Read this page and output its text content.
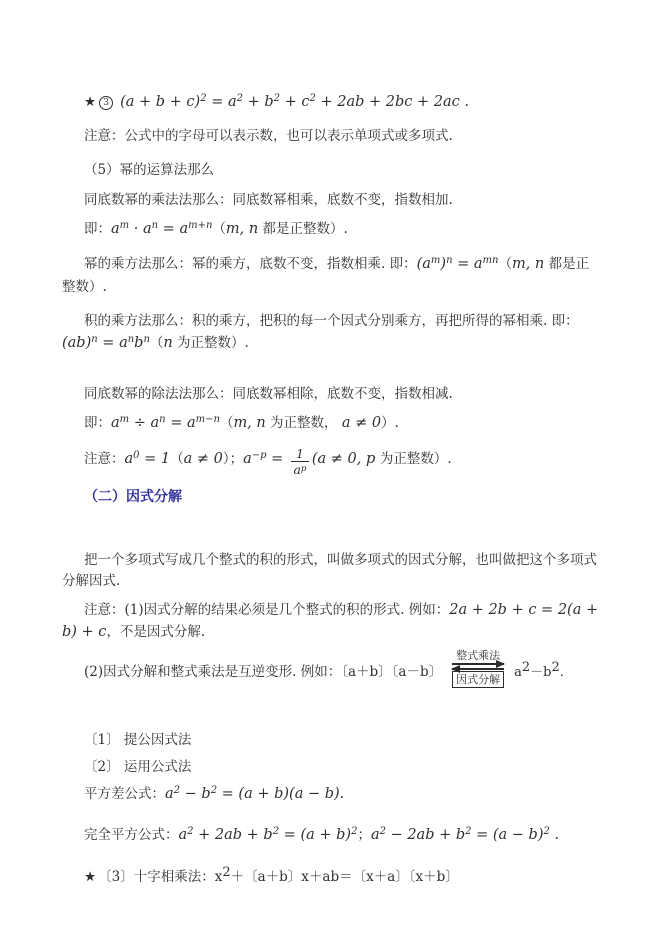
★ 3 $(a + b + c)^2 = a^2 + b^2 + c^2 + 2ab + 2bc + 2ac$ .
注意：公式中的字母可以表示数，也可以表示单项式或多项式.
（5）幂的运算法那么
同底数幂的乘法法那么：同底数幂相乘，底数不变，指数相加.
即：$a^m \cdot a^n = a^{m+n}(m$, n 都是正整数）.
幂的乘方法那么：幂的乘方，底数不变，指数相乘. 即：$(a^m)^n = a^{mn}(m$, n 都是正整数）.
积的乘方法那么：积的乘方，把积的每一个因式分别乘方，再把所得的幂相乘. 即：$(ab)^n = a^nb^n(n$ 为正整数）.
同底数幂的除法法那么：同底数幂相除，底数不变，指数相减.
即：$a^m \div a^n = a^{m-n}(m$, n 为正整数， a ≠ 0）.
注意：$a^0 = 1(a \ne 0)$；$a^{-p} = \frac{1}{a^p} (a \ne 0$, p 为正整数）.
（二）因式分解
把一个多项式写成几个整式的积的形式，叫做多项式的因式分解，也叫做把这个多项式分解因式.
注意：(1)因式分解的结果必须是几个整式的积的形式. 例如：2a + 2b + c = 2(a + b) + c，不是因式分解.
(2)因式分解和整式乘法是互逆变形. 例如：〔a＋b〕〔a－b〕
整式乘法
因式分解	$a^2-b^2$.
〔1〕 提公因式法
〔2〕 运用公式法
平方差公式：$a^2 - b^2 = (a + b)(a - b)$.
完全平方公式：$a^2 + 2ab + b^2 = (a + b)^2$；$a^2 - 2ab + b^2 = (a - b)^2$ .
★〔3〕十字相乘法：$x^2+$〔a＋b〕x＋ab＝〔x＋a〕〔x＋b〕
